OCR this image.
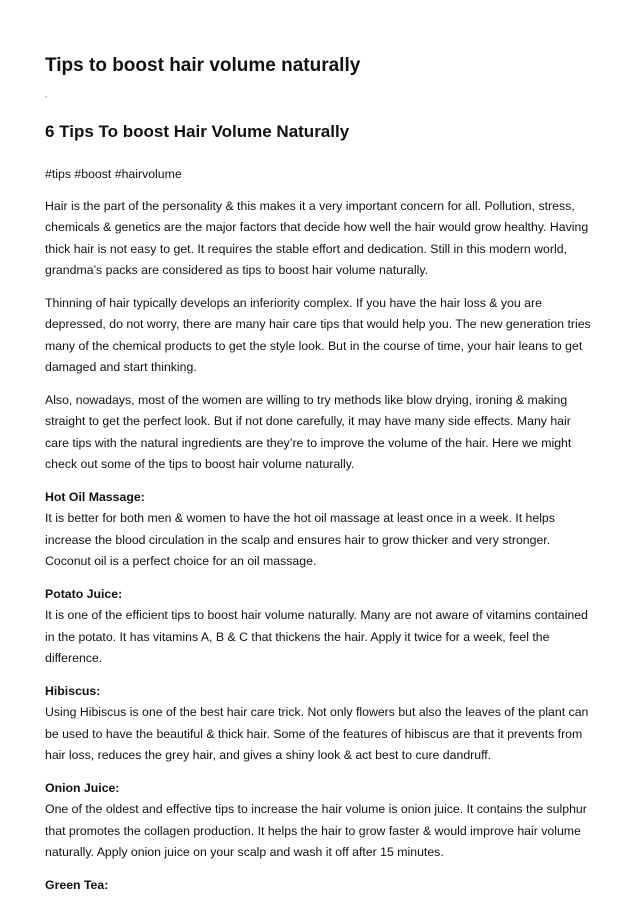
Tips to boost hair volume naturally
6 Tips To boost Hair Volume Naturally

#tips #boost #hairvolume

Hair is the part of the personality & this makes it a very important concern for all. Pollution, stress, chemicals & genetics are the major factors that decide how well the hair would grow healthy. Having thick hair is not easy to get. It requires the stable effort and dedication. Still in this modern world, grandma’s packs are considered as tips to boost hair volume naturally.

Thinning of hair typically develops an inferiority complex. If you have the hair loss & you are depressed, do not worry, there are many hair care tips that would help you. The new generation tries many of the chemical products to get the style look. But in the course of time, your hair leans to get damaged and start thinking.

Also, nowadays, most of the women are willing to try methods like blow drying, ironing & making straight to get the perfect look. But if not done carefully, it may have many side effects. Many hair care tips with the natural ingredients are they’re to improve the volume of the hair. Here we might check out some of the tips to boost hair volume naturally.

Hot Oil Massage:
It is better for both men & women to have the hot oil massage at least once in a week. It helps increase the blood circulation in the scalp and ensures hair to grow thicker and very stronger. Coconut oil is a perfect choice for an oil massage.

Potato Juice:
It is one of the efficient tips to boost hair volume naturally. Many are not aware of vitamins contained in the potato. It has vitamins A, B & C that thickens the hair. Apply it twice for a week, feel the difference.

Hibiscus:
Using Hibiscus is one of the best hair care trick. Not only flowers but also the leaves of the plant can be used to have the beautiful & thick hair. Some of the features of hibiscus are that it prevents from hair loss, reduces the grey hair, and gives a shiny look & act best to cure dandruff.

Onion Juice:
One of the oldest and effective tips to increase the hair volume is onion juice. It contains the sulphur that promotes the collagen production. It helps the hair to grow faster & would improve hair volume naturally. Apply onion juice on your scalp and wash it off after 15 minutes.

Green Tea:
